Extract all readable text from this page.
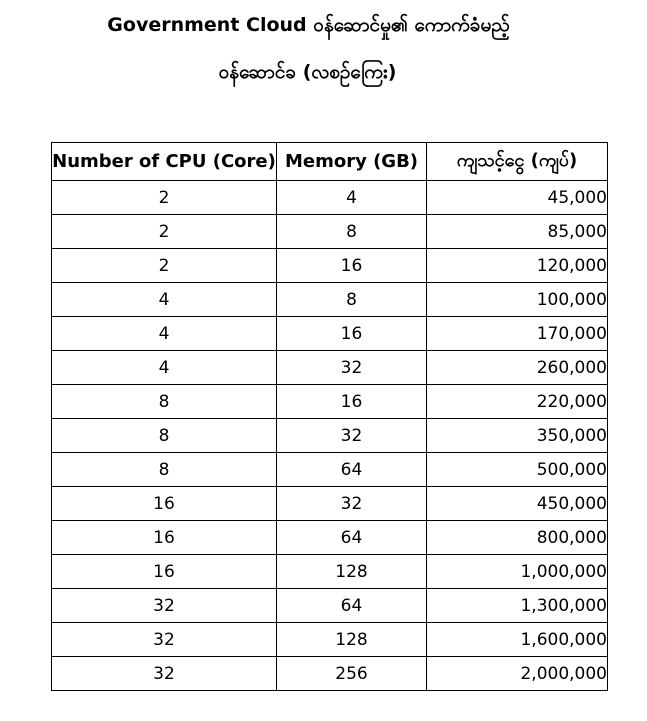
Government Cloud ဝန်ဆောင်မှု၏ ကောက်ခံမည့်
ဝန်ဆောင်ခ (လစဉ်ကြေး)
Number of CPU (Core)	Memory (GB)	ကျသင့်ငွေ (ကျပ်)
2	4	45,000
2	8	85,000
2	16	120,000
4	8	100,000
4	16	170,000
4	32	260,000
8	16	220,000
8	32	350,000
8	64	500,000
16	32	450,000
16	64	800,000
16	128	1,000,000
32	64	1,300,000
32	128	1,600,000
32	256	2,000,000
